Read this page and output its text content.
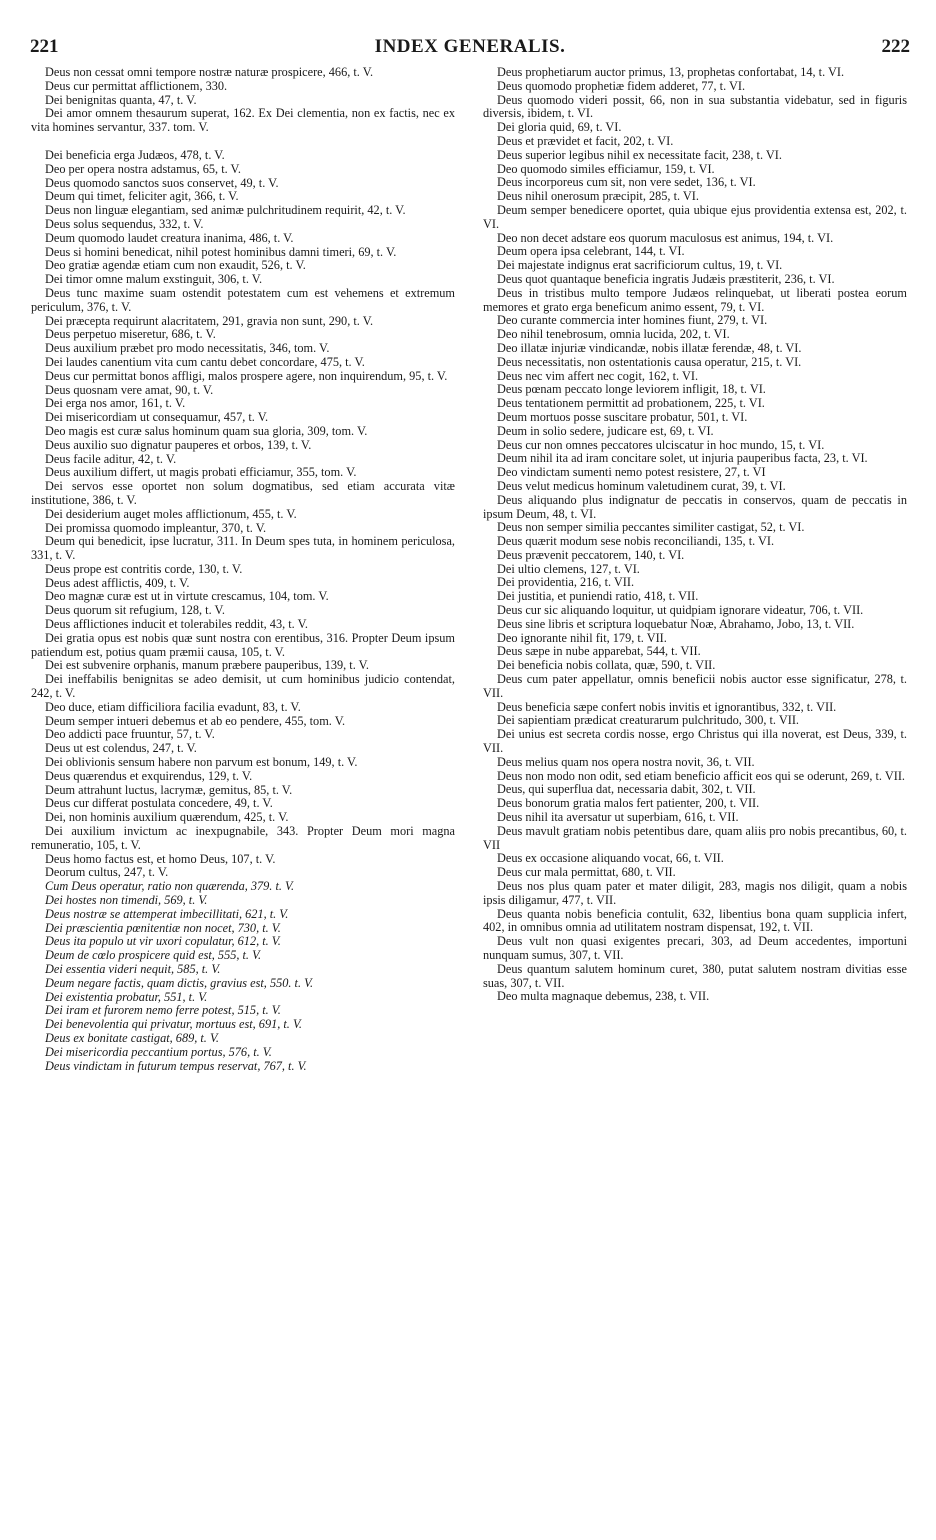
221	INDEX GENERALIS.	222

Deus non cessat omni tempore nostræ naturæ prospicere, 466, t. V.

Deus cur permittat afflictionem, 330.

Dei benignitas quanta, 47, t. V.

Dei amor omnem thesaurum superat, 162. Ex Dei clementia, non ex factis, nec ex vita homines servantur, 337. tom. V.

Dei beneficia erga Judæos, 478, t. V.

Deo per opera nostra adstamus, 65, t. V.

Deus quomodo sanctos suos conservet, 49, t. V.

Deum qui timet, feliciter agit, 366, t. V.

Deus non linguæ elegantiam, sed animæ pulchritudinem requirit, 42, t. V.

Deus solus sequendus, 332, t. V.

Deum quomodo laudet creatura inanima, 486, t. V.

Deus si homini benedicat, nihil potest hominibus damni timeri, 69, t. V.

Deo gratiæ agendæ etiam cum non exaudit, 526, t. V.

Dei timor omne malum exstinguit, 306, t. V.

Deus tunc maxime suam ostendit potestatem cum est vehemens et extremum periculum, 376, t. V.

Dei præcepta requirunt alacritatem, 291, gravia non sunt, 290, t. V.

Deus perpetuo miseretur, 686, t. V.

Deus auxilium præbet pro modo necessitatis, 346, tom. V.

Dei laudes canentium vita cum cantu debet concordare, 475, t. V.

Deus cur permittat bonos affligi, malos prospere agere, non inquirendum, 95, t. V.

Deus quosnam vere amat, 90, t. V.

Dei erga nos amor, 161, t. V.

Dei misericordiam ut consequamur, 457, t. V.

Deo magis est curæ salus hominum quam sua gloria, 309, tom. V.

Deus auxilio suo dignatur pauperes et orbos, 139, t. V.

Deus facile aditur, 42, t. V.

Deus auxilium differt, ut magis probati efficiamur, 355, tom. V.

Dei servos esse oportet non solum dogmatibus, sed etiam accurata vitæ institutione, 386, t. V.

Dei desiderium auget moles afflictionum, 455, t. V.

Dei promissa quomodo impleantur, 370, t. V.

Deum qui benedicit, ipse lucratur, 311. In Deum spes tuta, in hominem periculosa, 331, t. V.

Deus prope est contritis corde, 130, t. V.

Deus adest afflictis, 409, t. V.

Deo magnæ curæ est ut in virtute crescamus, 104, tom. V.

Deus quorum sit refugium, 128, t. V.

Deus afflictiones inducit et tolerabiles reddit, 43, t. V.

Dei gratia opus est nobis quæ sunt nostra con erentibus, 316. Propter Deum ipsum patiendum est, potius quam præmii causa, 105, t. V.

Dei est subvenire orphanis, manum præbere pauperibus, 139, t. V.

Dei ineffabilis benignitas se adeo demisit, ut cum hominibus judicio contendat, 242, t. V.

Deo duce, etiam difficiliora facilia evadunt, 83, t. V.

Deum semper intueri debemus et ab eo pendere, 455, tom. V.

Deo addicti pace fruuntur, 57, t. V.

Deus ut est colendus, 247, t. V.

Dei oblivionis sensum habere non parvum est bonum, 149, t. V.

Deus quærendus et exquirendus, 129, t. V.

Deum attrahunt luctus, lacrymæ, gemitus, 85, t. V.

Deus cur differat postulata concedere, 49, t. V.

Dei, non hominis auxilium quærendum, 425, t. V.

Dei auxilium invictum ac inexpugnabile, 343. Propter Deum mori magna remuneratio, 105, t. V.

Deus homo factus est, et homo Deus, 107, t. V.

Deorum cultus, 247, t. V.

Cum Deus operatur, ratio non quærenda, 379. t. V.

Dei hostes non timendi, 569, t. V.

Deus nostræ se attemperat imbecillitati, 621, t. V.

Dei præscientia pœnitentiæ non nocet, 730, t. V.

Deus ita populo ut vir uxori copulatur, 612, t. V.

Deum de cœlo prospicere quid est, 555, t. V.

Dei essentia videri nequit, 585, t. V.

Deum negare factis, quam dictis, gravius est, 550. t. V.

Dei existentia probatur, 551, t. V.

Dei iram et furorem nemo ferre potest, 515, t. V.

Dei benevolentia qui privatur, mortuus est, 691, t. V.

Deus ex bonitate castigat, 689, t. V.

Dei misericordia peccantium portus, 576, t. V.

Deus vindictam in futurum tempus reservat, 767, t. V.

Deus prophetiarum auctor primus, 13, prophetas confortabat, 14, t. VI.

Deus quomodo prophetiæ fidem adderet, 77, t. VI.

Deus quomodo videri possit, 66, non in sua substantia videbatur, sed in figuris diversis, ibidem, t. VI.

Dei gloria quid, 69, t. VI.

Deus et prævidet et facit, 202, t. VI.

Deus superior legibus nihil ex necessitate facit, 238, t. VI.

Deo quomodo similes efficiamur, 159, t. VI.

Deus incorporeus cum sit, non vere sedet, 136, t. VI.

Deus nihil onerosum præcipit, 285, t. VI.

Deum semper benedicere oportet, quia ubique ejus providentia extensa est, 202, t. VI.

Deo non decet adstare eos quorum maculosus est animus, 194, t. VI.

Deum opera ipsa celebrant, 144, t. VI.

Dei majestate indignus erat sacrificiorum cultus, 19, t. VI.

Deus quot quantaque beneficia ingratis Judæis præstiterit, 236, t. VI.

Deus in tristibus multo tempore Judæos relinquebat, ut liberati postea eorum memores et grato erga beneficum animo essent, 79, t. VI.

Deo curante commercia inter homines fiunt, 279, t. VI.

Deo nihil tenebrosum, omnia lucida, 202, t. VI.

Deo illatæ injuriæ vindicandæ, nobis illatæ ferendæ, 48, t. VI.

Deus necessitatis, non ostentationis causa operatur, 215, t. VI.

Deus nec vim affert nec cogit, 162, t. VI.

Deus pœnam peccato longe leviorem infligit, 18, t. VI.

Deus tentationem permittit ad probationem, 225, t. VI.

Deum mortuos posse suscitare probatur, 501, t. VI.

Deum in solio sedere, judicare est, 69, t. VI.

Deus cur non omnes peccatores ulciscatur in hoc mundo, 15, t. VI.

Deum nihil ita ad iram concitare solet, ut injuria pauperibus facta, 23, t. VI.

Deo vindictam sumenti nemo potest resistere, 27, t. VI

Deus velut medicus hominum valetudinem curat, 39, t. VI.

Deus aliquando plus indignatur de peccatis in conservos, quam de peccatis in ipsum Deum, 48, t. VI.

Deus non semper similia peccantes similiter castigat, 52, t. VI.

Deus quærit modum sese nobis reconciliandi, 135, t. VI.

Deus prævenit peccatorem, 140, t. VI.

Dei ultio clemens, 127, t. VI.

Dei providentia, 216, t. VII.

Dei justitia, et puniendi ratio, 418, t. VII.

Deus cur sic aliquando loquitur, ut quidpiam ignorare videatur, 706, t. VII.

Deus sine libris et scriptura loquebatur Noæ, Abrahamo, Jobo, 13, t. VII.

Deo ignorante nihil fit, 179, t. VII.

Deus sæpe in nube apparebat, 544, t. VII.

Dei beneficia nobis collata, quæ, 590, t. VII.

Deus cum pater appellatur, omnis beneficii nobis auctor esse significatur, 278, t. VII.

Deus beneficia sæpe confert nobis invitis et ignorantibus, 332, t. VII.

Dei sapientiam prædicat creaturarum pulchritudo, 300, t. VII.

Dei unius est secreta cordis nosse, ergo Christus qui illa noverat, est Deus, 339, t. VII.

Deus melius quam nos opera nostra novit, 36, t. VII.

Deus non modo non odit, sed etiam beneficio afficit eos qui se oderunt, 269, t. VII.

Deus, qui superflua dat, necessaria dabit, 302, t. VII.

Deus bonorum gratia malos fert patienter, 200, t. VII.

Deus nihil ita aversatur ut superbiam, 616, t. VII.

Deus mavult gratiam nobis petentibus dare, quam aliis pro nobis precantibus, 60, t. VII

Deus ex occasione aliquando vocat, 66, t. VII.

Deus cur mala permittat, 680, t. VII.

Deus nos plus quam pater et mater diligit, 283, magis nos diligit, quam a nobis ipsis diligamur, 477, t. VII.

Deus quanta nobis beneficia contulit, 632, libentius bona quam supplicia infert, 402, in omnibus omnia ad utilitatem nostram dispensat, 192, t. VII.

Deus vult non quasi exigentes precari, 303, ad Deum accedentes, importuni nunquam sumus, 307, t. VII.

Deus quantum salutem hominum curet, 380, putat salutem nostram divitias esse suas, 307, t. VII.

Deo multa magnaque debemus, 238, t. VII.
